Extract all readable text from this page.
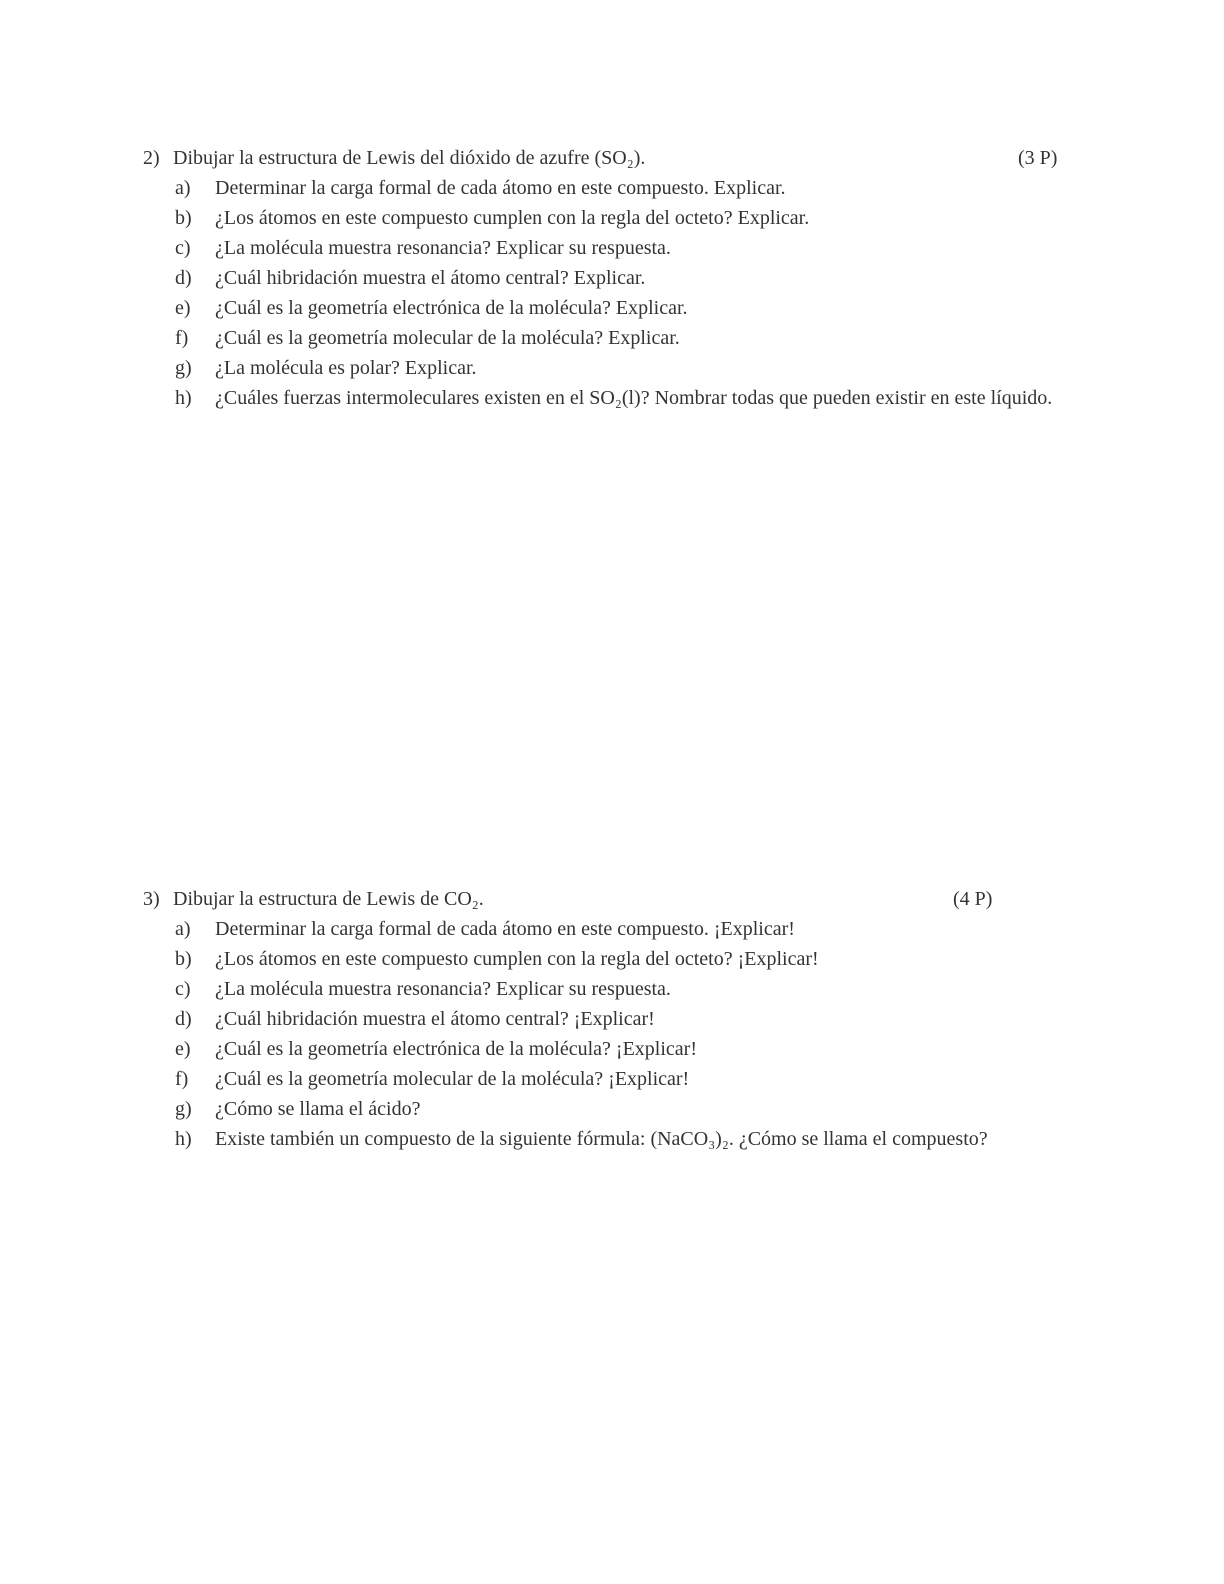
2) Dibujar la estructura de Lewis del dióxido de azufre (SO₂).	(3 P)
a) Determinar la carga formal de cada átomo en este compuesto. Explicar.
b) ¿Los átomos en este compuesto cumplen con la regla del octeto? Explicar.
c) ¿La molécula muestra resonancia? Explicar su respuesta.
d) ¿Cuál hibridación muestra el átomo central? Explicar.
e) ¿Cuál es la geometría electrónica de la molécula? Explicar.
f) ¿Cuál es la geometría molecular de la molécula? Explicar.
g) ¿La molécula es polar? Explicar.
h) ¿Cuáles fuerzas intermoleculares existen en el SO₂(l)? Nombrar todas que pueden existir en este líquido.
3) Dibujar la estructura de Lewis de CO₂.	(4 P)
a) Determinar la carga formal de cada átomo en este compuesto. ¡Explicar!
b) ¿Los átomos en este compuesto cumplen con la regla del octeto? ¡Explicar!
c) ¿La molécula muestra resonancia? Explicar su respuesta.
d) ¿Cuál hibridación muestra el átomo central? ¡Explicar!
e) ¿Cuál es la geometría electrónica de la molécula? ¡Explicar!
f) ¿Cuál es la geometría molecular de la molécula? ¡Explicar!
g) ¿Cómo se llama el ácido?
h) Existe también un compuesto de la siguiente fórmula: (NaCO₃)₂. ¿Cómo se llama el compuesto?
